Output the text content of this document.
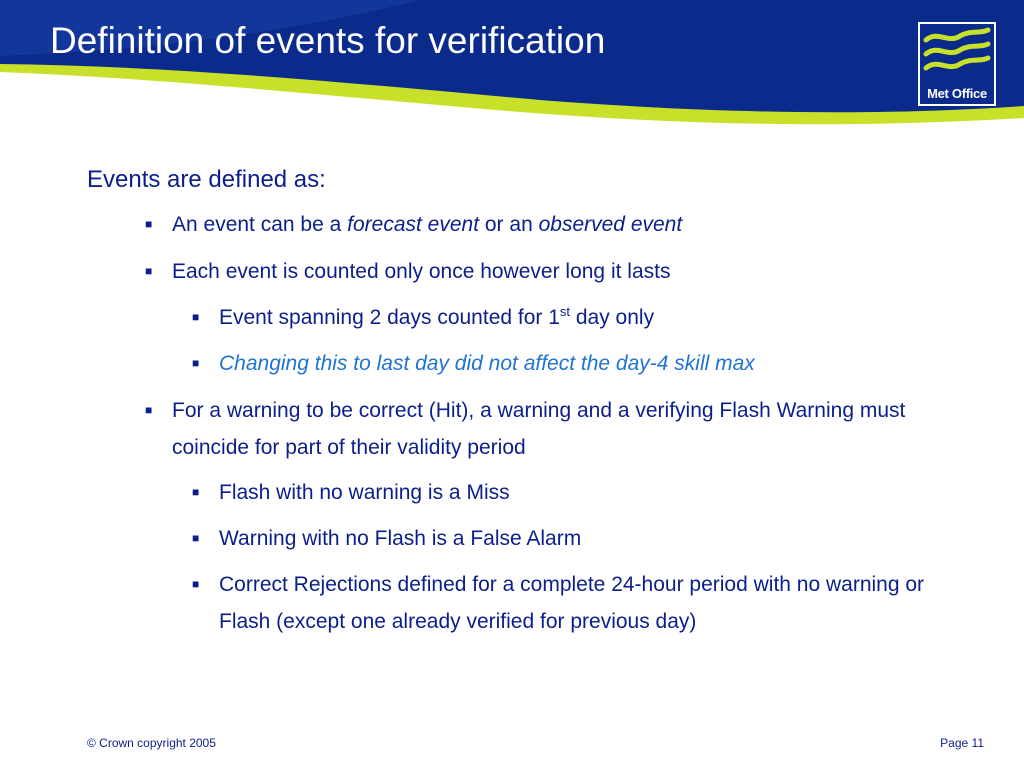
Definition of events for verification
Met Office

Events are defined as:

■ An event can be a forecast event or an observed event
■ Each event is counted only once however long it lasts
■ Event spanning 2 days counted for 1st day only
■ Changing this to last day did not affect the day-4 skill max
■ For a warning to be correct (Hit), a warning and a verifying Flash Warning must coincide for part of their validity period
■ Flash with no warning is a Miss
■ Warning with no Flash is a False Alarm
■ Correct Rejections defined for a complete 24-hour period with no warning or Flash (except one already verified for previous day)
© Crown copyright 2005	Page 11
